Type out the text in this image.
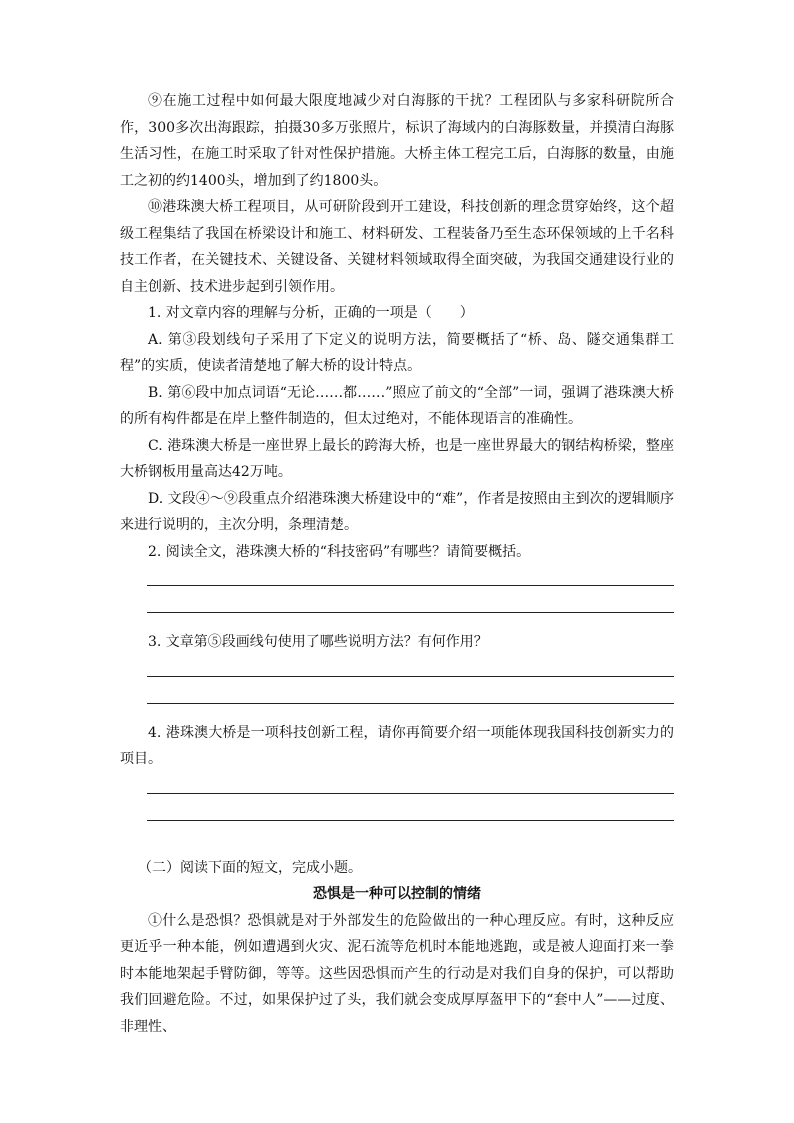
⑨在施工过程中如何最大限度地减少对白海豚的干扰？工程团队与多家科研院所合作，300多次出海跟踪，拍摄30多万张照片，标识了海域内的白海豚数量，并摸清白海豚生活习性，在施工时采取了针对性保护措施。大桥主体工程完工后，白海豚的数量，由施工之初的约1400头，增加到了约1800头。

⑩港珠澳大桥工程项目，从可研阶段到开工建设，科技创新的理念贯穿始终，这个超级工程集结了我国在桥梁设计和施工、材料研发、工程装备乃至生态环保领域的上千名科技工作者，在关键技术、关键设备、关键材料领域取得全面突破，为我国交通建设行业的自主创新、技术进步起到引领作用。

1. 对文章内容的理解与分析，正确的一项是（　　）

A. 第③段划线句子采用了下定义的说明方法，简要概括了“桥、岛、隧交通集群工程”的实质，使读者清楚地了解大桥的设计特点。

B. 第⑥段中加点词语“无论……都……”照应了前文的“全部”一词，强调了港珠澳大桥的所有构件都是在岸上整件制造的，但太过绝对，不能体现语言的准确性。

C. 港珠澳大桥是一座世界上最长的跨海大桥，也是一座世界最大的钢结构桥梁，整座大桥钢板用量高达42万吨。

D. 文段④～⑨段重点介绍港珠澳大桥建设中的“难”，作者是按照由主到次的逻辑顺序来进行说明的，主次分明，条理清楚。

2. 阅读全文，港珠澳大桥的“科技密码”有哪些？请简要概括。

3. 文章第⑤段画线句使用了哪些说明方法？有何作用？

4. 港珠澳大桥是一项科技创新工程，请你再简要介绍一项能体现我国科技创新实力的项目。

（二）阅读下面的短文，完成小题。

恐惧是一种可以控制的情绪

①什么是恐惧？恐惧就是对于外部发生的危险做出的一种心理反应。有时，这种反应更近乎一种本能，例如遭遇到火灾、泥石流等危机时本能地逃跑，或是被人迎面打来一拳时本能地架起手臂防御，等等。这些因恐惧而产生的行动是对我们自身的保护，可以帮助我们回避危险。不过，如果保护过了头，我们就会变成厚厚盔甲下的“套中人”——过度、非理性、
